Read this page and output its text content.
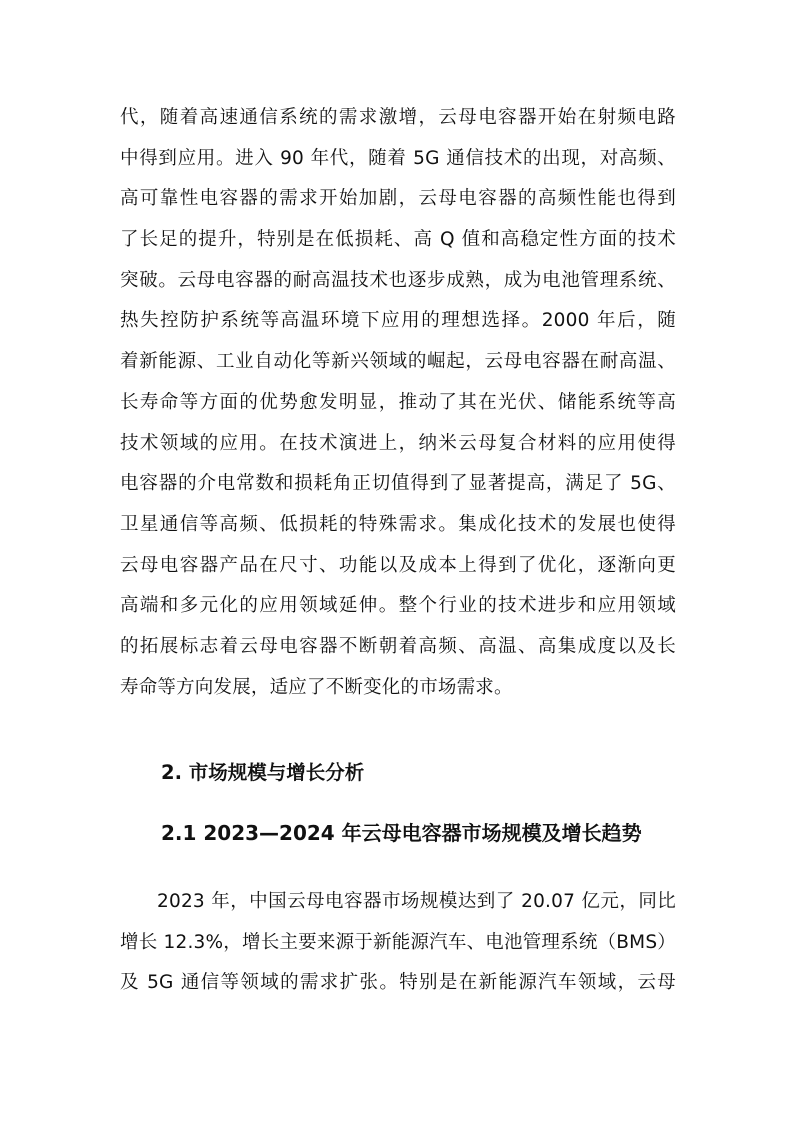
代，随着高速通信系统的需求激增，云母电容器开始在射频电路
中得到应用。进入 90 年代，随着 5G 通信技术的出现，对高频、
高可靠性电容器的需求开始加剧，云母电容器的高频性能也得到
了长足的提升，特别是在低损耗、高 Q 值和高稳定性方面的技术
突破。云母电容器的耐高温技术也逐步成熟，成为电池管理系统、
热失控防护系统等高温环境下应用的理想选择。2000 年后，随
着新能源、工业自动化等新兴领域的崛起，云母电容器在耐高温、
长寿命等方面的优势愈发明显，推动了其在光伏、储能系统等高
技术领域的应用。在技术演进上，纳米云母复合材料的应用使得
电容器的介电常数和损耗角正切值得到了显著提高，满足了 5G、
卫星通信等高频、低损耗的特殊需求。集成化技术的发展也使得
云母电容器产品在尺寸、功能以及成本上得到了优化，逐渐向更
高端和多元化的应用领域延伸。整个行业的技术进步和应用领域
的拓展标志着云母电容器不断朝着高频、高温、高集成度以及长
寿命等方向发展，适应了不断变化的市场需求。
2. 市场规模与增长分析
2.1 2023—2024 年云母电容器市场规模及增长趋势
2023 年，中国云母电容器市场规模达到了 20.07 亿元，同比
增长 12.3%，增长主要来源于新能源汽车、电池管理系统（BMS）
及 5G 通信等领域的需求扩张。特别是在新能源汽车领域，云母
